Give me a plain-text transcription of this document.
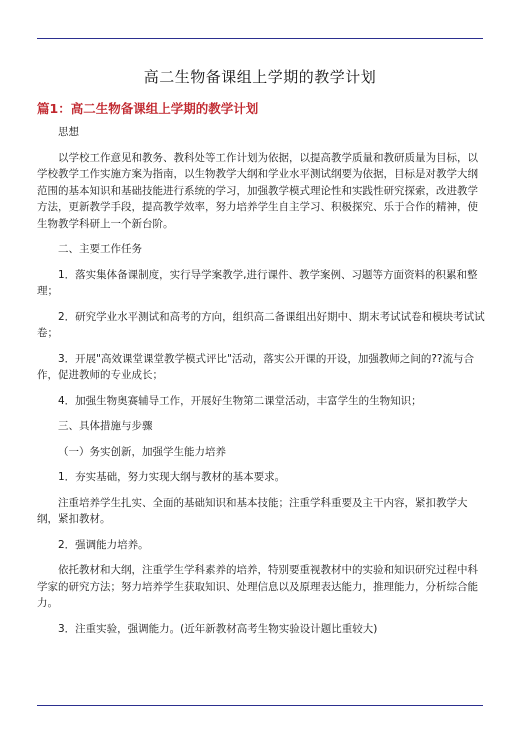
高二生物备课组上学期的教学计划
篇1：高二生物备课组上学期的教学计划

思想

以学校工作意见和教务、教科处等工作计划为依据，以提高教学质量和教研质量为目标，以学校教学工作实施方案为指南，以生物教学大纲和学业水平测试纲要为依据，目标是对教学大纲范围的基本知识和基础技能进行系统的学习，加强教学模式理论性和实践性研究探索，改进教学方法，更新教学手段，提高教学效率，努力培养学生自主学习、积极探究、乐于合作的精神，使生物教学科研上一个新台阶。

二、主要工作任务

1．落实集体备课制度，实行导学案教学,进行课件、教学案例、习题等方面资料的积累和整理；

2．研究学业水平测试和高考的方向，组织高二备课组出好期中、期末考试试卷和模块考试试卷；

3．开展"高效课堂课堂教学模式评比"活动，落实公开课的开设，加强教师之间的??流与合作，促进教师的专业成长；

4．加强生物奥赛辅导工作，开展好生物第二课堂活动，丰富学生的生物知识；

三、具体措施与步骤

（一）务实创新，加强学生能力培养

1．夯实基础，努力实现大纲与教材的基本要求。

注重培养学生扎实、全面的基础知识和基本技能；注重学科重要及主干内容，紧扣教学大纲，紧扣教材。

2．强调能力培养。

依托教材和大纲，注重学生学科素养的培养，特别要重视教材中的实验和知识研究过程中科学家的研究方法；努力培养学生获取知识、处理信息以及原理表达能力，推理能力，分析综合能力。

3．注重实验，强调能力。(近年新教材高考生物实验设计题比重较大)
